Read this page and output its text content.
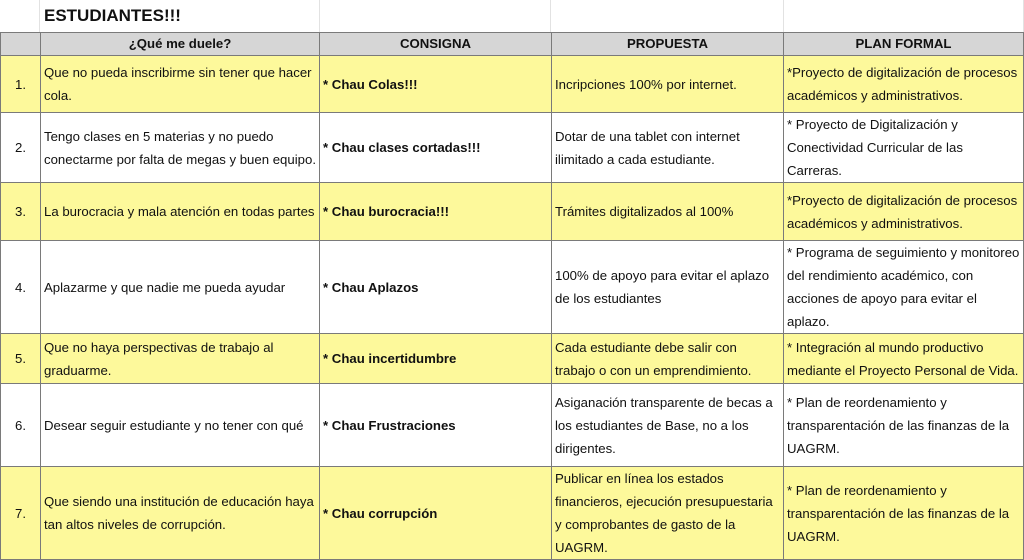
ESTUDIANTES!!!
	¿Qué me duele?	CONSIGNA	PROPUESTA	PLAN FORMAL
1.	Que no pueda inscribirme sin tener que hacer cola.	* Chau Colas!!!	Incripciones 100% por internet.	*Proyecto de digitalización de procesos académicos y administrativos.
2.	Tengo clases en 5 materias y no puedo conectarme por falta de megas y buen equipo.	* Chau clases cortadas!!!	Dotar de una tablet con internet ilimitado a cada estudiante.	* Proyecto de Digitalización y Conectividad Curricular de las Carreras.
3.	La burocracia y mala atención en todas partes	* Chau burocracia!!!	Trámites digitalizados al 100%	*Proyecto de digitalización de procesos académicos y administrativos.
4.	Aplazarme y que nadie me pueda ayudar	* Chau Aplazos	100% de apoyo para evitar el aplazo de los estudiantes	* Programa de seguimiento y monitoreo del rendimiento académico, con acciones de apoyo para evitar el aplazo.
5.	Que no haya perspectivas de trabajo al graduarme.	* Chau incertidumbre	Cada estudiante debe salir con trabajo o con un emprendimiento.	* Integración al mundo productivo mediante el Proyecto Personal de Vida.
6.	Desear seguir estudiante y no tener con qué	* Chau Frustraciones	Asiganación transparente de becas a los estudiantes de Base, no a los dirigentes.	* Plan de reordenamiento y transparentación de las finanzas de la UAGRM.
7.	Que siendo una institución de educación haya tan altos niveles de corrupción.	* Chau corrupción	Publicar en línea los estados financieros, ejecución presupuestaria y comprobantes de gasto de la UAGRM.	* Plan de reordenamiento y transparentación de las finanzas de la UAGRM.
